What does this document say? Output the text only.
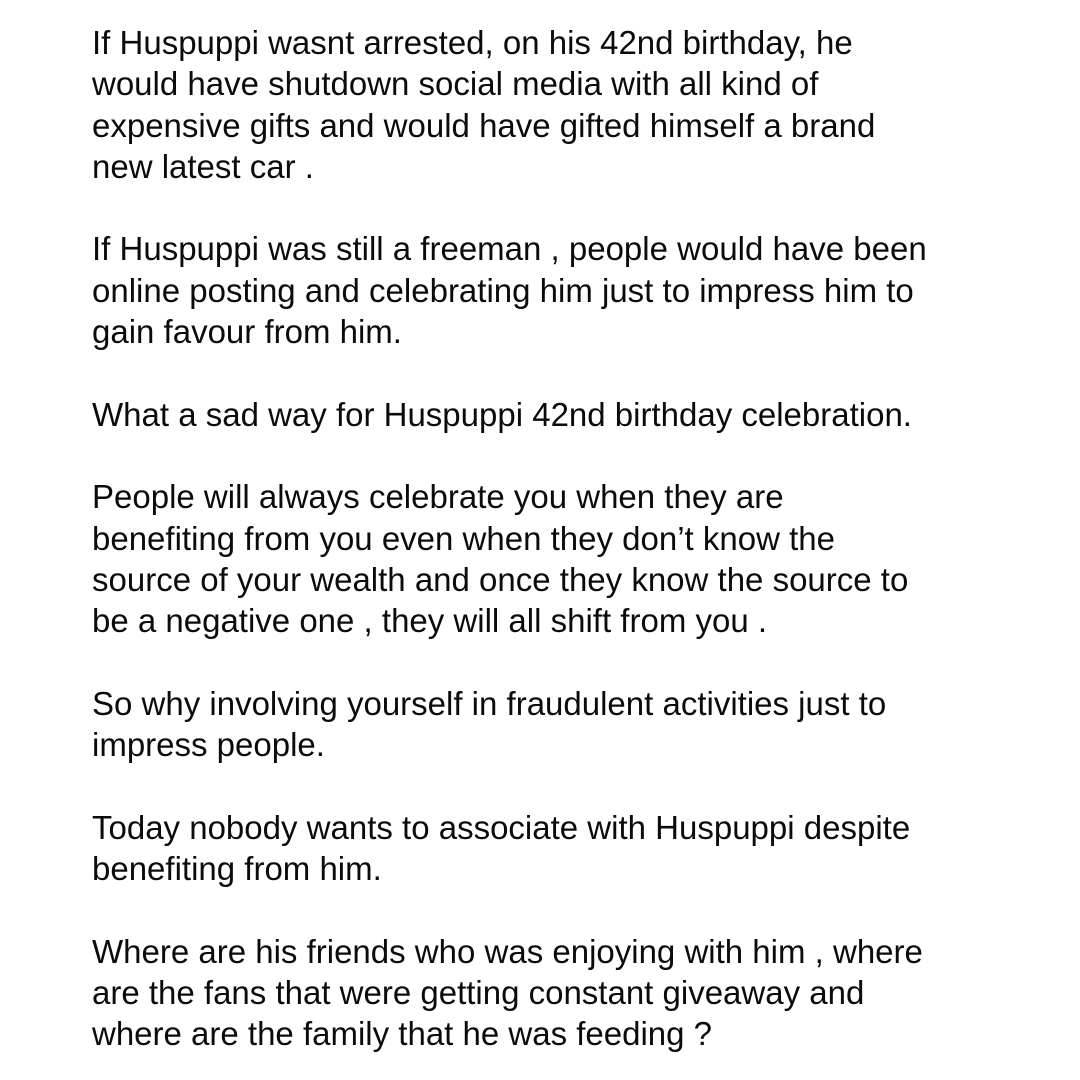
If Huspuppi wasnt arrested, on his 42nd birthday, he
would have shutdown social media with all kind of
expensive gifts and would have gifted himself a brand
new latest car .

If Huspuppi was still a freeman , people would have been
online posting and celebrating him just to impress him to
gain favour from him.

What a sad way for Huspuppi 42nd birthday celebration.

People will always celebrate you when they are
benefiting from you even when they don’t know the
source of your wealth and once they know the source to
be a negative one , they will all shift from you .

So why involving yourself in fraudulent activities just to
impress people.

Today nobody wants to associate with Huspuppi despite
benefiting from him.

Where are his friends who was enjoying with him , where
are the fans that were getting constant giveaway and
where are the family that he was feeding ?
